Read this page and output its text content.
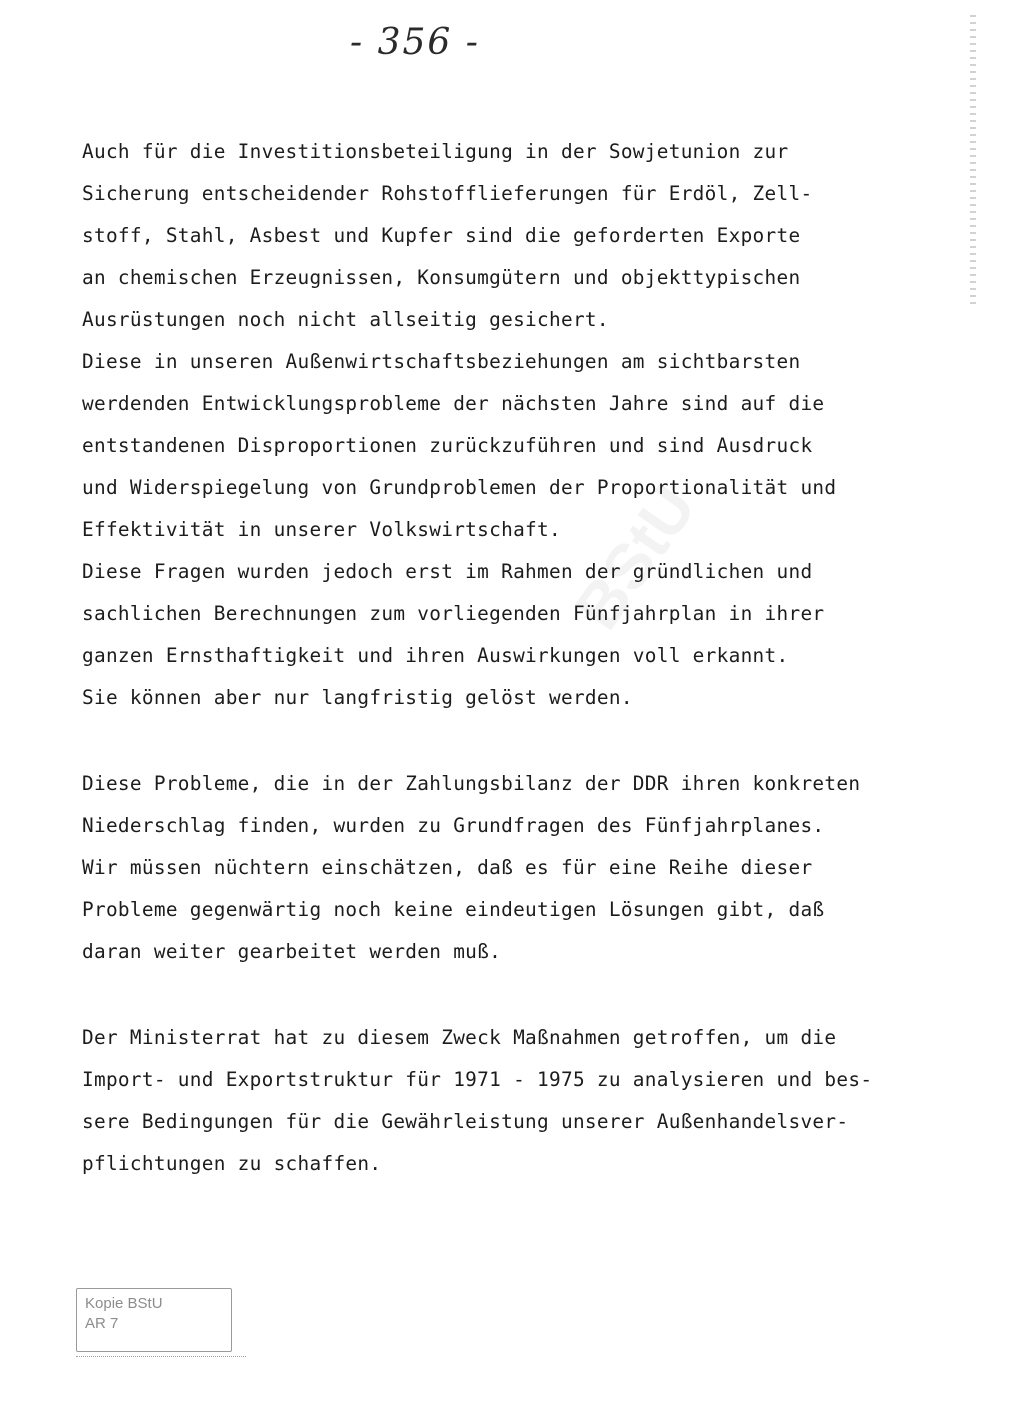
- 356 -
BStU
Auch für die Investitionsbeteiligung in der Sowjetunion zur
Sicherung entscheidender Rohstofflieferungen für Erdöl, Zell-
stoff, Stahl, Asbest und Kupfer sind die geforderten Exporte
an chemischen Erzeugnissen, Konsumgütern und objekttypischen
Ausrüstungen noch nicht allseitig gesichert.
Diese in unseren Außenwirtschaftsbeziehungen am sichtbarsten
werdenden Entwicklungsprobleme der nächsten Jahre sind auf die
entstandenen Disproportionen zurückzuführen und sind Ausdruck
und Widerspiegelung von Grundproblemen der Proportionalität und
Effektivität in unserer Volkswirtschaft.
Diese Fragen wurden jedoch erst im Rahmen der gründlichen und
sachlichen Berechnungen zum vorliegenden Fünfjahrplan in ihrer
ganzen Ernsthaftigkeit und ihren Auswirkungen voll erkannt.
Sie können aber nur langfristig gelöst werden.
Diese Probleme, die in der Zahlungsbilanz der DDR ihren konkreten
Niederschlag finden, wurden zu Grundfragen des Fünfjahrplanes.
Wir müssen nüchtern einschätzen, daß es für eine Reihe dieser
Probleme gegenwärtig noch keine eindeutigen Lösungen gibt, daß
daran weiter gearbeitet werden muß.
Der Ministerrat hat zu diesem Zweck Maßnahmen getroffen, um die
Import- und Exportstruktur für 1971 - 1975 zu analysieren und bes-
sere Bedingungen für die Gewährleistung unserer Außenhandelsver-
pflichtungen zu schaffen.
Kopie BStU
AR 7
